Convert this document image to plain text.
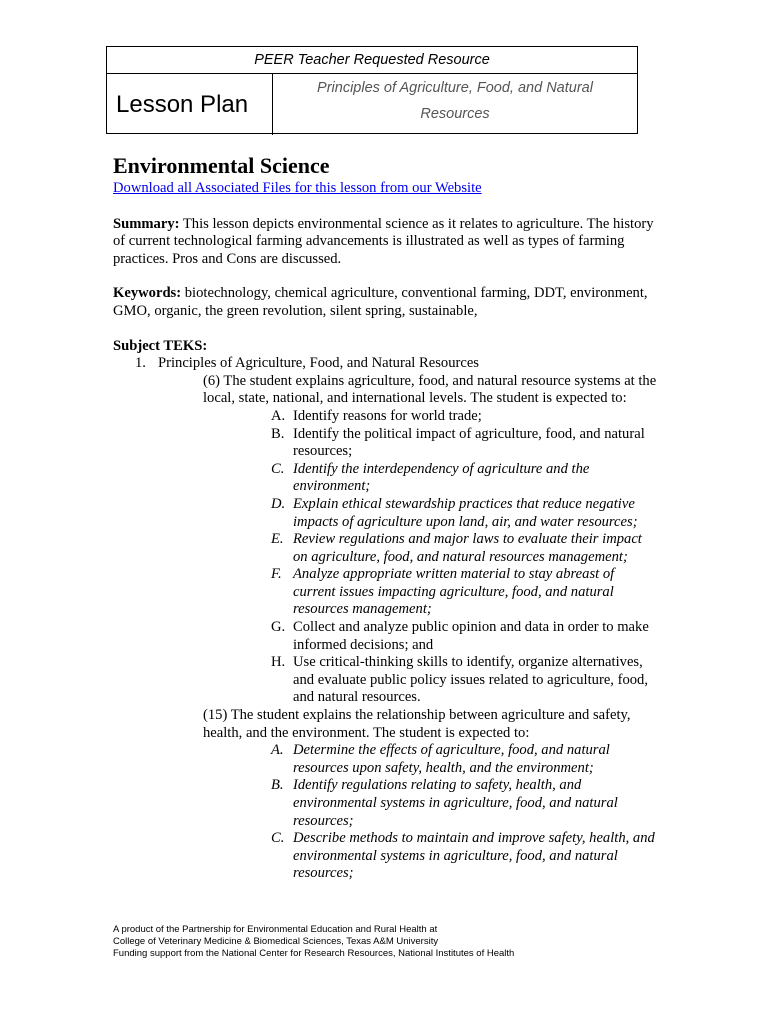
PEER Teacher Requested Resource
Lesson Plan
Principles of Agriculture, Food, and Natural
Resources
Environmental Science
Download all Associated Files for this lesson from our Website

Summary: This lesson depicts environmental science as it relates to agriculture. The history of current technological farming advancements is illustrated as well as types of farming practices. Pros and Cons are discussed.

Keywords: biotechnology, chemical agriculture, conventional farming, DDT, environment, GMO, organic, the green revolution, silent spring, sustainable,

Subject TEKS:
1. Principles of Agriculture, Food, and Natural Resources
(6) The student explains agriculture, food, and natural resource systems at the local, state, national, and international levels. The student is expected to:
A. Identify reasons for world trade;
B. Identify the political impact of agriculture, food, and natural resources;
C. Identify the interdependency of agriculture and the environment;
D. Explain ethical stewardship practices that reduce negative impacts of agriculture upon land, air, and water resources;
E. Review regulations and major laws to evaluate their impact on agriculture, food, and natural resources management;
F. Analyze appropriate written material to stay abreast of current issues impacting agriculture, food, and natural resources management;
G. Collect and analyze public opinion and data in order to make informed decisions; and
H. Use critical-thinking skills to identify, organize alternatives, and evaluate public policy issues related to agriculture, food, and natural resources.
(15) The student explains the relationship between agriculture and safety, health, and the environment. The student is expected to:
A. Determine the effects of agriculture, food, and natural resources upon safety, health, and the environment;
B. Identify regulations relating to safety, health, and environmental systems in agriculture, food, and natural resources;
C. Describe methods to maintain and improve safety, health, and environmental systems in agriculture, food, and natural resources;
A product of the Partnership for Environmental Education and Rural Health at
College of Veterinary Medicine & Biomedical Sciences, Texas A&M University
Funding support from the National Center for Research Resources, National Institutes of Health
